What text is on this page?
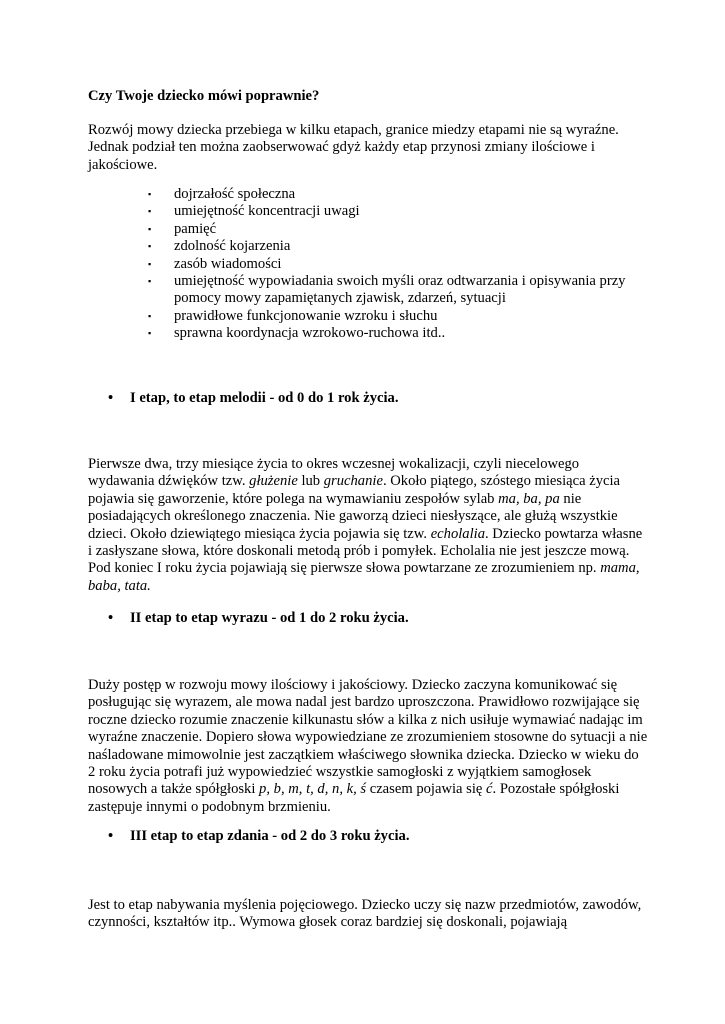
Czy Twoje dziecko mówi poprawnie?

Rozwój mowy dziecka przebiega w kilku etapach, granice miedzy etapami nie są wyraźne. Jednak podział ten można zaobserwować gdyż każdy etap przynosi zmiany ilościowe i jakościowe.

▪ dojrzałość społeczna
▪ umiejętność koncentracji uwagi
▪ pamięć
▪ zdolność kojarzenia
▪ zasób wiadomości
▪ umiejętność wypowiadania swoich myśli oraz odtwarzania i opisywania przy pomocy mowy zapamiętanych zjawisk, zdarzeń, sytuacji
▪ prawidłowe funkcjonowanie wzroku i słuchu
▪ sprawna koordynacja wzrokowo-ruchowa itd..
•	I etap, to etap melodii - od 0 do 1 rok życia.

Pierwsze dwa, trzy miesiące życia to okres wczesnej wokalizacji, czyli niecelowego wydawania dźwięków tzw. głużenie lub gruchanie. Około piątego, szóstego miesiąca życia pojawia się gaworzenie, które polega na wymawianiu zespołów sylab ma, ba, pa nie posiadających określonego znaczenia. Nie gaworzą dzieci niesłyszące, ale głużą wszystkie dzieci. Około dziewiątego miesiąca życia pojawia się tzw. echolalia. Dziecko powtarza własne i zasłyszane słowa, które doskonali metodą prób i pomyłek. Echolalia nie jest jeszcze mową. Pod koniec I roku życia pojawiają się pierwsze słowa powtarzane ze zrozumieniem np. mama, baba, tata.

•	II etap to etap wyrazu - od 1 do 2 roku życia.

Duży postęp w rozwoju mowy ilościowy i jakościowy. Dziecko zaczyna komunikować się posługując się wyrazem, ale mowa nadal jest bardzo uproszczona. Prawidłowo rozwijające się roczne dziecko rozumie znaczenie kilkunastu słów a kilka z nich usiłuje wymawiać nadając im wyraźne znaczenie. Dopiero słowa wypowiedziane ze zrozumieniem stosowne do sytuacji a nie naśladowane mimowolnie jest zaczątkiem właściwego słownika dziecka. Dziecko w wieku do 2 roku życia potrafi już wypowiedzieć wszystkie samogłoski z wyjątkiem samogłosek nosowych a także spółgłoski p, b, m, t, d, n, k, ś czasem pojawia się ć. Pozostałe spółgłoski zastępuje innymi o podobnym brzmieniu.

•	III etap to etap zdania - od 2 do 3 roku życia.

Jest to etap nabywania myślenia pojęciowego. Dziecko uczy się nazw przedmiotów, zawodów, czynności, kształtów itp.. Wymowa głosek coraz bardziej się doskonali, pojawiają
